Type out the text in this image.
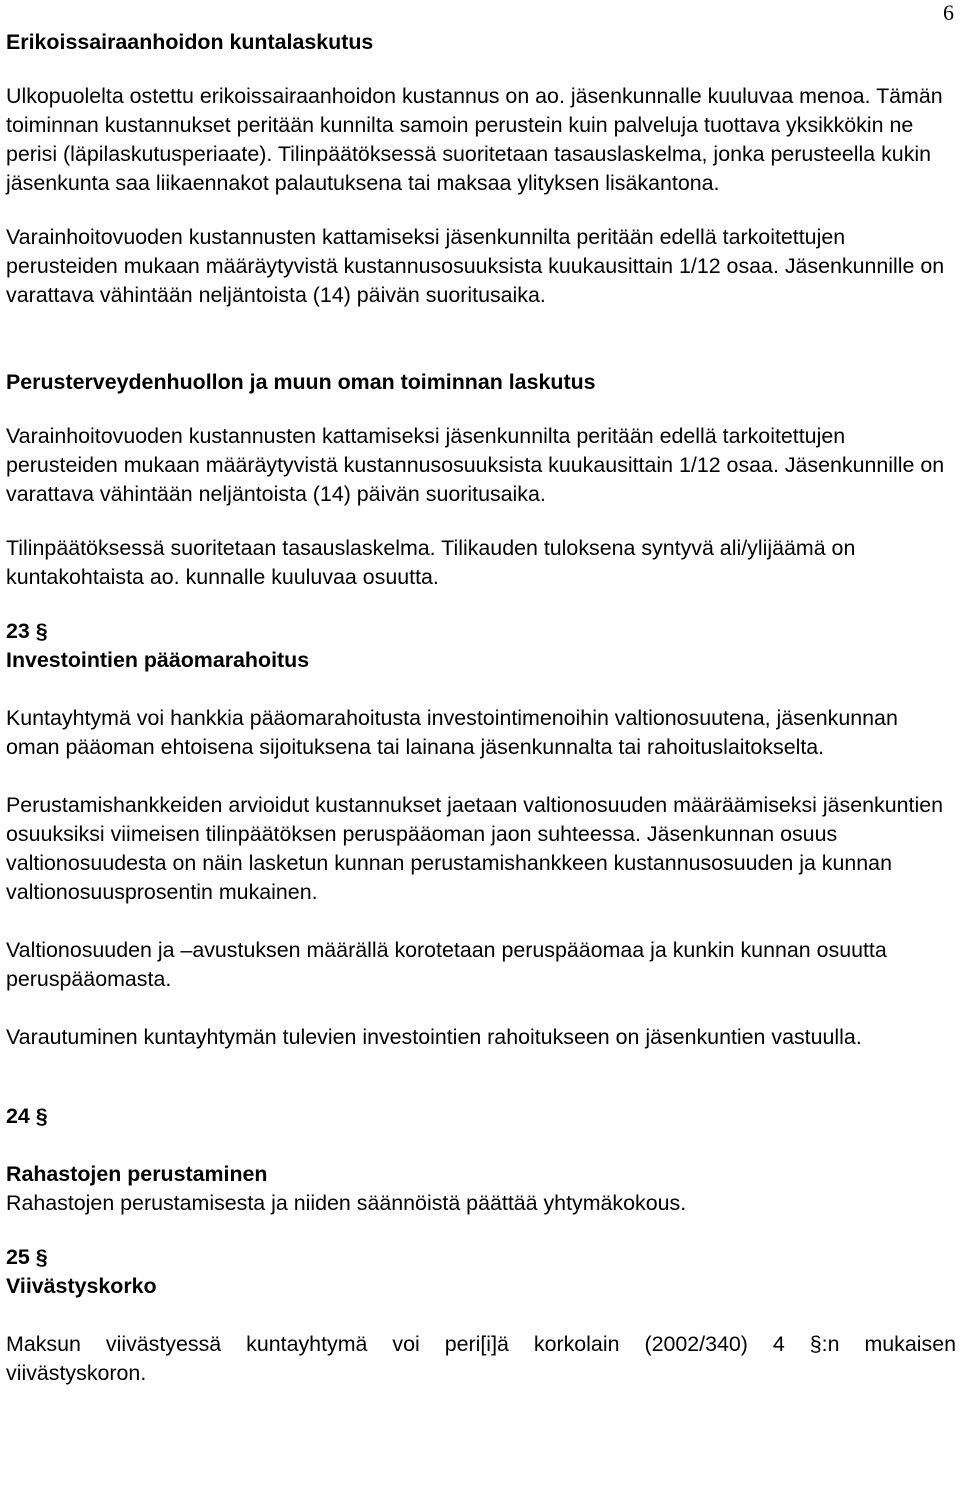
6
Erikoissairaanhoidon kuntalaskutus

Ulkopuolelta ostettu erikoissairaanhoidon kustannus on ao. jäsenkunnalle kuuluvaa menoa. Tämän toiminnan kustannukset peritään kunnilta samoin perustein kuin palveluja tuottava yksikkökin ne perisi (läpilaskutusperiaate). Tilinpäätöksessä suoritetaan tasauslaskelma, jonka perusteella kukin jäsenkunta saa liikaennakot palautuksena tai maksaa ylityksen lisäkantona.

Varainhoitovuoden kustannusten kattamiseksi jäsenkunnilta peritään edellä tarkoitettujen perusteiden mukaan määräytyvistä kustannusosuuksista kuukausittain 1/12 osaa. Jäsenkunnille on varattava vähintään neljäntoista (14) päivän suoritusaika.

Perusterveydenhuollon ja muun oman toiminnan laskutus

Varainhoitovuoden kustannusten kattamiseksi jäsenkunnilta peritään edellä tarkoitettujen perusteiden mukaan määräytyvistä kustannusosuuksista kuukausittain 1/12 osaa. Jäsenkunnille on varattava vähintään neljäntoista (14) päivän suoritusaika.

Tilinpäätöksessä suoritetaan tasauslaskelma. Tilikauden tuloksena syntyvä ali/ylijäämä on kuntakohtaista ao. kunnalle kuuluvaa osuutta.

23 §
Investointien pääomarahoitus

Kuntayhtymä voi hankkia pääomarahoitusta investointimenoihin valtionosuutena, jäsenkunnan oman pääoman ehtoisena sijoituksena tai lainana jäsenkunnalta tai rahoituslaitokselta.

Perustamishankkeiden arvioidut kustannukset jaetaan valtionosuuden määräämiseksi jäsenkuntien osuuksiksi viimeisen tilinpäätöksen peruspääoman jaon suhteessa. Jäsenkunnan osuus valtionosuudesta on näin lasketun kunnan perustamishankkeen kustannusosuuden ja kunnan valtionosuusprosentin mukainen.

Valtionosuuden ja –avustuksen määrällä korotetaan peruspääomaa ja kunkin kunnan osuutta peruspääomasta.

Varautuminen kuntayhtymän tulevien investointien rahoitukseen on jäsenkuntien vastuulla.

24 §
Rahastojen perustaminen

Rahastojen perustamisesta ja niiden säännöistä päättää yhtymäkokous.

25 §
Viivästyskorko

Maksun viivästyessä kuntayhtymä voi peri[i]ä korkolain (2002/340) 4 §:n mukaisen

viivästyskoron.
